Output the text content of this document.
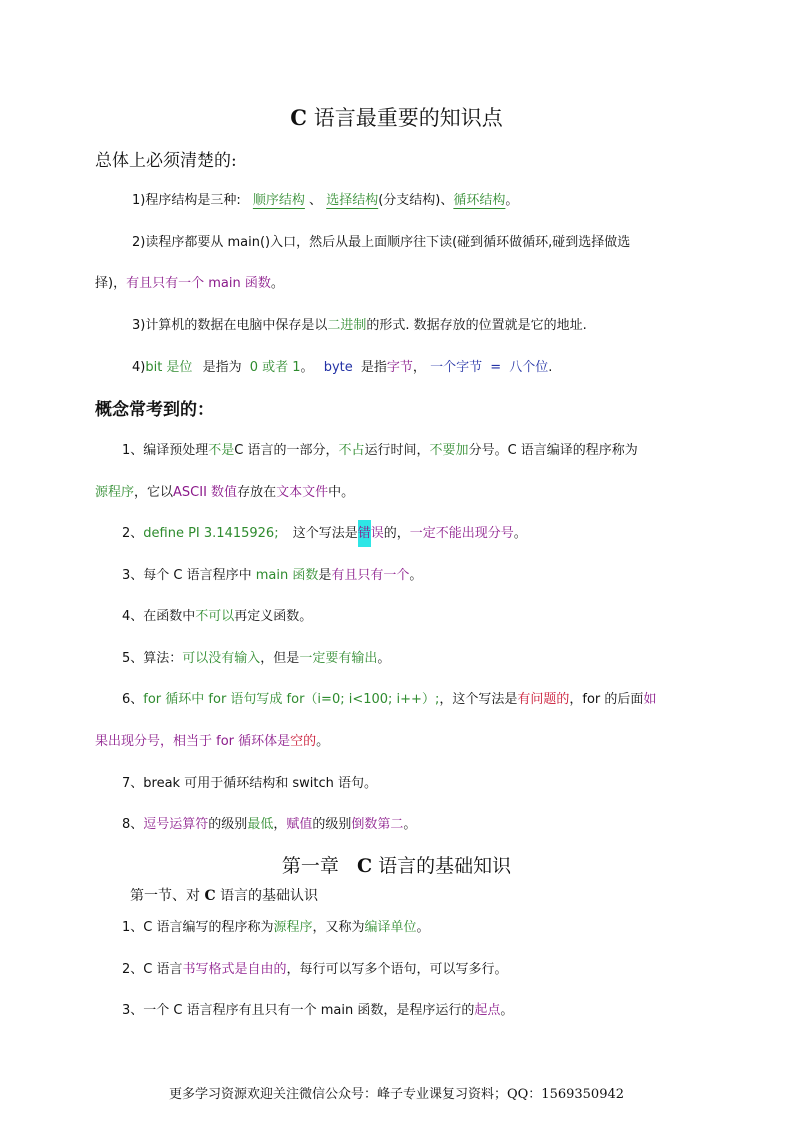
C 语言最重要的知识点
总体上必须清楚的:
1)程序结构是三种: 顺序结构 、 选择结构(分支结构)、循环结构。
2)读程序都要从 main()入口，然后从最上面顺序往下读(碰到循环做循环,碰到选择做选
择)，有且只有一个 main 函数。
3)计算机的数据在电脑中保存是以二进制的形式. 数据存放的位置就是它的地址.
4)bit 是位 是指为 0 或者 1。 byte 是指字节， 一个字节 = 八个位.
概念常考到的：
1、编译预处理不是C 语言的一部分，不占运行时间，不要加分号。C 语言编译的程序称为
源程序，它以ASCII 数值存放在文本文件中。
2、define PI 3.1415926; 这个写法是错误的，一定不能出现分号。
3、每个 C 语言程序中 main 函数是有且只有一个。
4、在函数中不可以再定义函数。
5、算法：可以没有输入，但是一定要有输出。
6、for 循环中 for 语句写成 for（i=0; i<100; i++）;，这个写法是有问题的，for 的后面如
果出现分号，相当于 for 循环体是空的。
7、break 可用于循环结构和 switch 语句。
8、逗号运算符的级别最低，赋值的级别倒数第二。
第一章 C 语言的基础知识
第一节、对 C 语言的基础认识
1、C 语言编写的程序称为源程序，又称为编译单位。
2、C 语言书写格式是自由的，每行可以写多个语句，可以写多行。
3、一个 C 语言程序有且只有一个 main 函数，是程序运行的起点。
更多学习资源欢迎关注微信公众号：峰子专业课复习资料；QQ：1569350942
